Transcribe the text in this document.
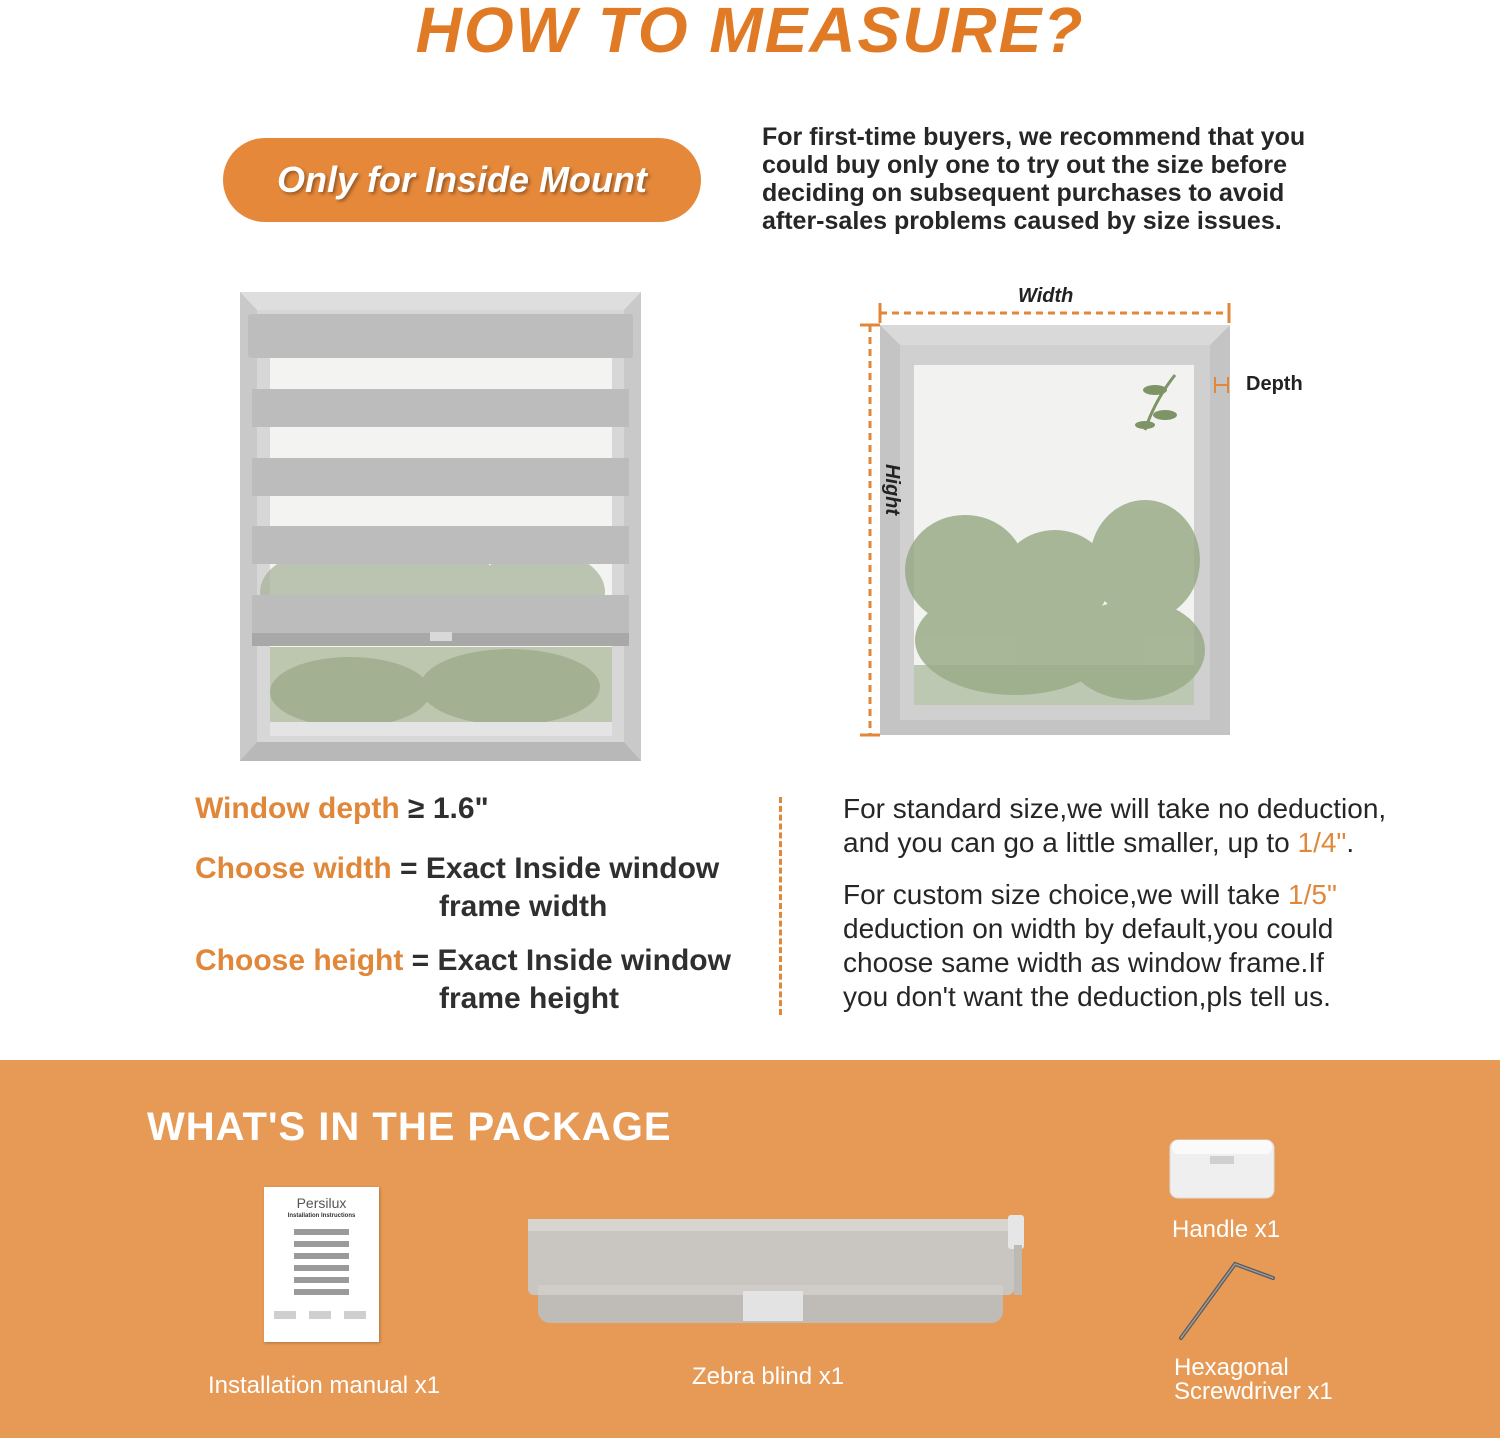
HOW TO MEASURE?
Only for Inside Mount
For first-time buyers, we recommend that you
could buy only one to try out the size before
deciding on subsequent purchases to avoid
after-sales problems caused by size issues.
Width
Depth
Hight
Window depth ≥ 1.6"
Choose width = Exact Inside window
frame width
Choose height = Exact Inside window
frame height
For standard size,we will take no deduction,
and you can go a little smaller, up to 1/4".
For custom size choice,we will take 1/5"
deduction on width by default,you could
choose same width as window frame.If
you don't want the deduction,pls tell us.
WHAT'S IN THE PACKAGE
Persilux
Installation Instructions
Installation manual x1	Zebra blind x1
Handle x1
Hexagonal
Screwdriver x1
